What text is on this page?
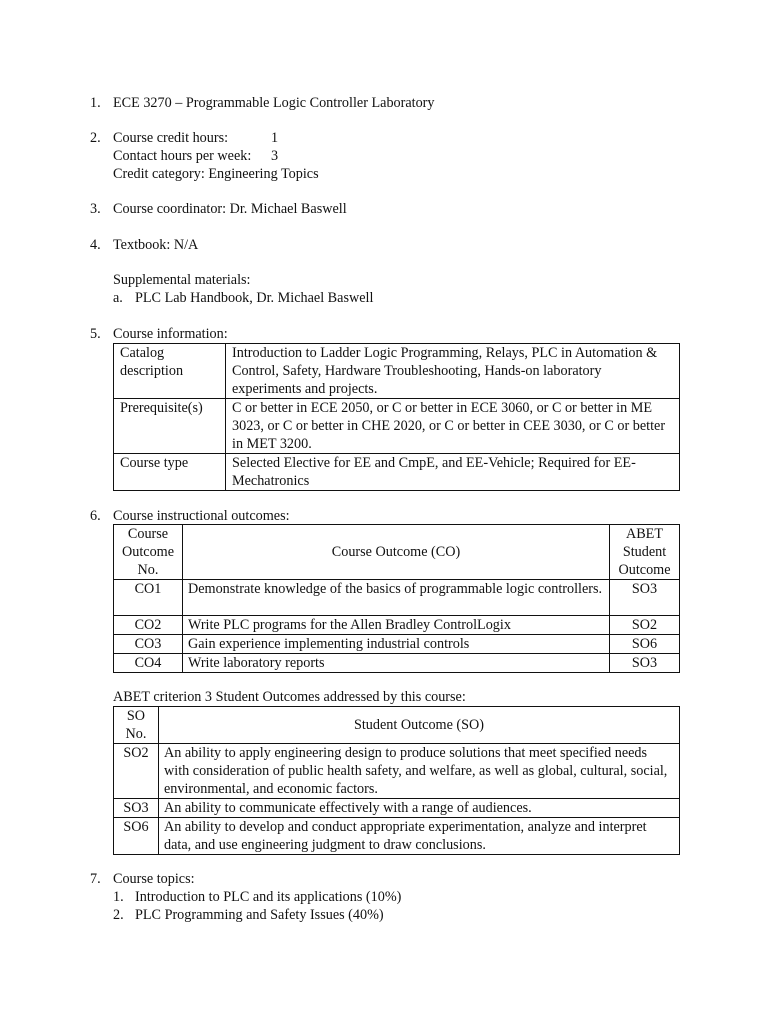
1. ECE 3270 – Programmable Logic Controller Laboratory
2. Course credit hours:	1
Contact hours per week: 3
Credit category: Engineering Topics
3. Course coordinator: Dr. Michael Baswell
4. Textbook: N/A
Supplemental materials:
a. PLC Lab Handbook, Dr. Michael Baswell
5. Course information:
Catalog description	Introduction to Ladder Logic Programming, Relays, PLC in Automation & Control, Safety, Hardware Troubleshooting, Hands-on laboratory experiments and projects.
Prerequisite(s)	C or better in ECE 2050, or C or better in ECE 3060, or C or better in ME 3023, or C or better in CHE 2020, or C or better in CEE 3030, or C or better in MET 3200.
Course type	Selected Elective for EE and CmpE, and EE-Vehicle; Required for EE-Mechatronics
6. Course instructional outcomes:
Course Outcome No.	Course Outcome (CO)	ABET Student Outcome
CO1	Demonstrate knowledge of the basics of programmable logic controllers.	SO3
CO2	Write PLC programs for the Allen Bradley ControlLogix	SO2
CO3	Gain experience implementing industrial controls	SO6
CO4	Write laboratory reports	SO3
ABET criterion 3 Student Outcomes addressed by this course:
SO No.	Student Outcome (SO)
SO2	An ability to apply engineering design to produce solutions that meet specified needs with consideration of public health safety, and welfare, as well as global, cultural, social, environmental, and economic factors.
SO3	An ability to communicate effectively with a range of audiences.
SO6	An ability to develop and conduct appropriate experimentation, analyze and interpret data, and use engineering judgment to draw conclusions.
7. Course topics:
1. Introduction to PLC and its applications (10%)
2. PLC Programming and Safety Issues (40%)
